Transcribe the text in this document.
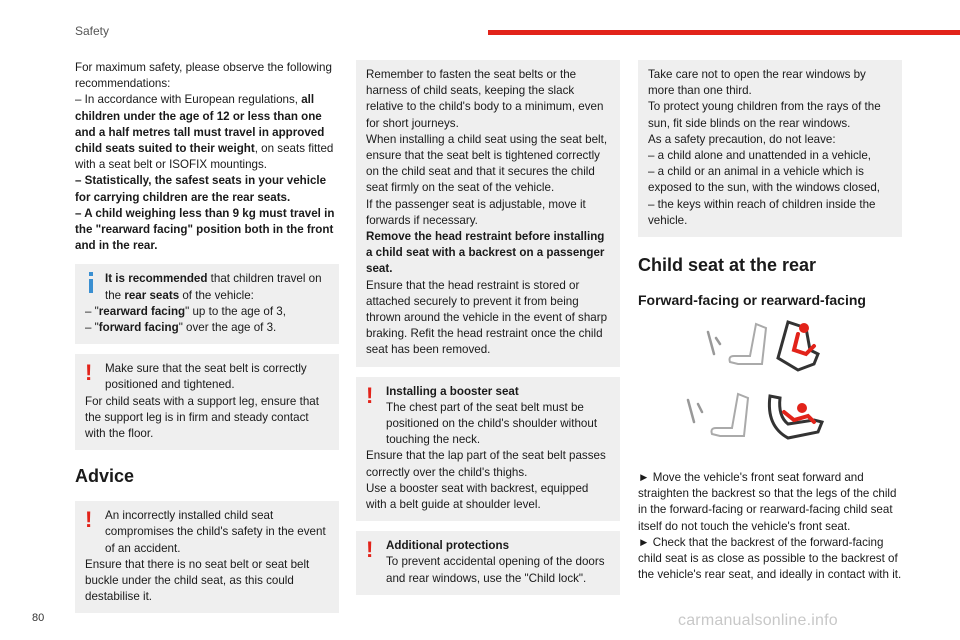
Safety

For maximum safety, please observe the following recommendations:

– In accordance with European regulations, all children under the age of 12 or less than one and a half metres tall must travel in approved child seats suited to their weight, on seats fitted with a seat belt or ISOFIX mountings.

– Statistically, the safest seats in your vehicle for carrying children are the rear seats.

– A child weighing less than 9 kg must travel in the "rearward facing" position both in the front and in the rear.

It is recommended that children travel on the rear seats of the vehicle:

– "rearward facing" up to the age of 3,

– "forward facing" over the age of 3.

!	Make sure that the seat belt is correctly positioned and tightened.

For child seats with a support leg, ensure that the support leg is in firm and steady contact with the floor.

Advice
!	An incorrectly installed child seat compromises the child's safety in the event of an accident.

Ensure that there is no seat belt or seat belt buckle under the child seat, as this could destabilise it.

Remember to fasten the seat belts or the harness of child seats, keeping the slack relative to the child's body to a minimum, even for short journeys.

When installing a child seat using the seat belt, ensure that the seat belt is tightened correctly on the child seat and that it secures the child seat firmly on the seat of the vehicle.

If the passenger seat is adjustable, move it forwards if necessary.

Remove the head restraint before installing a child seat with a backrest on a passenger seat.

Ensure that the head restraint is stored or attached securely to prevent it from being thrown around the vehicle in the event of sharp braking. Refit the head restraint once the child seat has been removed.

!	Installing a booster seat

The chest part of the seat belt must be positioned on the child's shoulder without touching the neck.

Ensure that the lap part of the seat belt passes correctly over the child's thighs.

Use a booster seat with backrest, equipped with a belt guide at shoulder level.

!	Additional protections

To prevent accidental opening of the doors and rear windows, use the "Child lock".

Take care not to open the rear windows by more than one third.

To protect young children from the rays of the sun, fit side blinds on the rear windows.

As a safety precaution, do not leave:

– a child alone and unattended in a vehicle,

– a child or an animal in a vehicle which is exposed to the sun, with the windows closed,

– the keys within reach of children inside the vehicle.

Child seat at the rear
Forward-facing or rearward-facing

► Move the vehicle's front seat forward and straighten the backrest so that the legs of the child in the forward-facing or rearward-facing child seat itself do not touch the vehicle's front seat.

► Check that the backrest of the forward-facing child seat is as close as possible to the backrest of the vehicle's rear seat, and ideally in contact with it.

80	carmanualsonline.info
